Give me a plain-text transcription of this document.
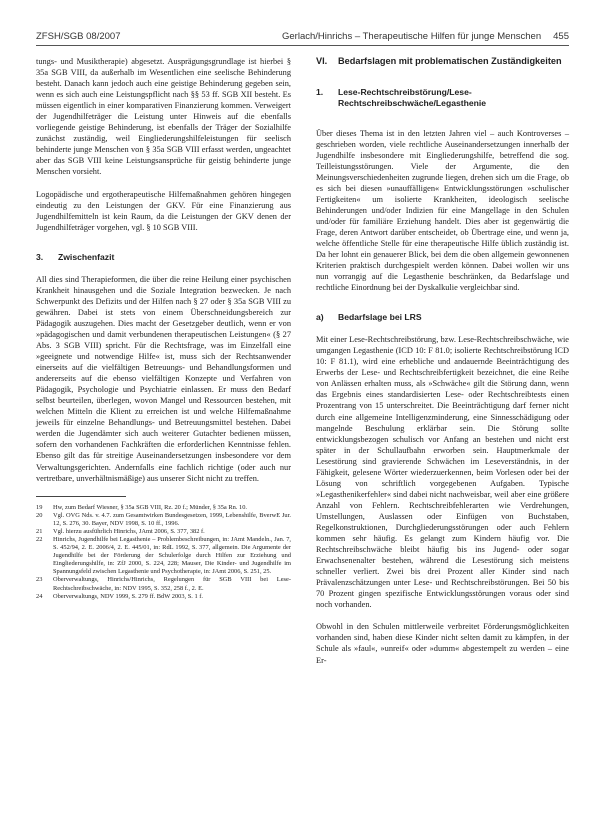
ZFSH/SGB 08/2007	Gerlach/Hinrichs – Therapeutische Hilfen für junge Menschen 455

tungs- und Musiktherapie) abgesetzt. Ausprägungsgrundlage ist hierbei § 35a SGB VIII, da außerhalb im Wesentlichen eine seelische Behinderung besteht. Danach kann jedoch auch eine geistige Behinderung gegeben sein, wenn es sich auch eine Leistungspflicht nach §§ 53 ff. SGB XII besteht. Es müssen eigentlich in einer komparativen Finanzierung kommen. Verweigert der Jugendhilfeträger die Leistung unter Hinweis auf die ebenfalls vorliegende geistige Behinderung, ist ebenfalls der Träger der Sozialhilfe zunächst zuständig, weil Eingliederungshilfeleistungen für seelisch behinderte junge Menschen von § 35a SGB VIII erfasst werden, ungeachtet aber das SGB VIII keine Leistungsansprüche für geistig behinderte junge Menschen vorsieht.

Logopädische und ergotherapeutische Hilfemaßnahmen gehören hingegen eindeutig zu den Leistungen der GKV. Für eine Finanzierung aus Jugendhilfemitteln ist kein Raum, da die Leistungen der GKV denen der Jugendhilfeträger vorgehen, vgl. § 10 SGB VIII.

3.	Zwischenfazit

All dies sind Therapieformen, die über die reine Heilung einer psychischen Krankheit hinausgehen und die Soziale Integration bezwecken. Je nach Schwerpunkt des Defizits und der Hilfen nach § 27 oder § 35a SGB VIII zu gewähren. Dabei ist stets von einem Überschneidungsbereich zur Pädagogik auszugehen. Dies macht der Gesetzgeber deutlich, wenn er von »pädagogischen und damit verbundenen therapeutischen Leistungen« (§ 27 Abs. 3 SGB VIII) spricht. Für die Rechtsfrage, was im Einzelfall eine »geeignete und notwendige Hilfe« ist, muss sich der Rechtsanwender einerseits auf die vielfältigen Betreuungs- und Behandlungsformen und andererseits auf die ebenso vielfältigen Konzepte und Verfahren von Pädagogik, Psychologie und Psychiatrie einlassen. Er muss den Bedarf selbst beurteilen, überlegen, wovon Mangel und Ressourcen bestehen, mit welchen Mitteln die Klient zu erreichen ist und welche Hilfemaßnahme jeweils für einzelne Behandlungs- und Betreuungsmittel bestehen. Dabei werden die Jugendämter sich auch weiterer Gutachter bedienen müssen, sofern den vorhandenen Fachkräften die erforderlichen Kenntnisse fehlen. Ebenso gilt das für streitige Auseinandersetzungen insbesondere vor dem Verwaltungsgerichten. Andernfalls eine fachlich richtige (oder auch nur vertretbare, unverhältnismäßige) aus unserer Sicht nicht zu treffen.

19	Hw, zum Bedarf Wiesner, § 35a SGB VIII, Rz. 20 f.; Münder, § 35a Rn. 10.
20	Vgl. OVG Nds. v. 4.7. zum Gesamtwirken Bundesgesetzen, 1999, Lebenshilfe, BverwE Jur. 12, S. 276, 30. Bayer, NDV 1998, S. 10 ff., 1996.
21	Vgl. hierzu ausführlich Hinrichs, JAmt 2006, S. 377, 382 f.
22	Hinrichs, Jugendhilfe bei Legasthenie – Problembeschreibungen, in: JAmt Mandeln., Jan. 7, S. 452/94, 2. E. 2006/4, 2. E. 445/01, in: RdL 1992, S. 377, allgemein. Die Argumente der Jugendhilfe bei der Förderung der Schulerfolge durch Hilfen zur Erziehung und Eingliederungshilfe, in: ZfJ 2000, S. 224, 228; Mauser, Die Kinder- und Jugendhilfe im Spannungsfeld zwischen Legasthenie und Psychotherapie, in: JAmt 2006, S. 251, 25.
23	Oberverwaltungs, Hinrichs/Hinrichs, Regelungen für SGB VIII bei Lese-Rechtschreibschwäche, in: NDV 1995, S. 352, 258 f., 2. E.
24	Oberverwaltungs, NDV 1999, S. 279 ff. BdW 2003, S. 1 f.
VI.	Bedarfslagen mit problematischen Zuständigkeiten
1.	Lese-Rechtschreibstörung/Lese-Rechtschreibschwäche/Legasthenie

Über dieses Thema ist in den letzten Jahren viel – auch Kontroverses – geschrieben worden, viele rechtliche Auseinandersetzungen innerhalb der Jugendhilfe insbesondere mit Eingliederungshilfe, betreffend die sog. Teilleistungsstörungen. Viele der Argumente, die den Meinungsverschiedenheiten zugrunde liegen, drehen sich um die Frage, ob es sich bei diesen »unauffälligen« Entwicklungsstörungen »schulischer Fertigkeiten« um isolierte Krankheiten, ideologisch seelische Behinderungen und/oder Indizien für eine Mangellage in den Schulen und/oder für familiäre Erziehung handelt. Dies aber ist gegenwärtig die Frage, deren Antwort darüber entscheidet, ob Übertrage eine, und wenn ja, welche öffentliche Stelle für eine therapeutische Hilfe üblich zuständig ist. Da her lohnt ein genauerer Blick, bei dem die oben allgemein gewonnenen Kriterien praktisch durchgespielt werden können. Dabei wollen wir uns nun vorrangig auf die Legasthenie beschränken, da Bedarfslage und rechtliche Einordnung bei der Dyskalkulie vergleichbar sind.

a)	Bedarfslage bei LRS

Mit einer Lese-Rechtschreibstörung, bzw. Lese-Rechtschreibschwäche, wie umgangen Legasthenie (ICD 10: F 81.0; isolierte Rechtschreibstörung ICD 10: F 81.1), wird eine erhebliche und andauernde Beeinträchtigung des Erwerbs der Lese- und Rechtschreibfertigkeit bezeichnet, die eine Reihe von Anlässen erhalten muss, als »Schwäche« gilt die Störung dann, wenn das Ergebnis eines standardisierten Lese- oder Rechtschreibtests einen Prozentrang von 15 unterschreitet. Die Beeinträchtigung darf ferner nicht durch eine allgemeine Intelligenzminderung, eine Sinnesschädigung oder mangelnde Beschulung erklärbar sein. Die Störung sollte entwicklungsbezogen schulisch vor Anfang an bestehen und nicht erst später in der Schullaufbahn erworben sein. Hauptmerkmale der Lesestörung sind gravierende Schwächen im Leseverständnis, in der Fähigkeit, gelesene Wörter wiederzuerkennen, beim Vorlesen oder bei der Lösung von schriftlich vorgegebenen Aufgaben. Typische »Legasthenikerfehler« sind dabei nicht nachweisbar, weil aber eine größere Anzahl von Fehlern. Rechtschreibfehlerarten wie Verdrehungen, Umstellungen, Auslassen oder Einfügen von Buchstaben, Regelkonstruktionen, Durchgliederungsstörungen oder auch Fehlern kommen sehr häufig. Es gelangt zum Kindern häufig vor. Die Rechtschreibschwäche bleibt häufig bis ins Jugend- oder sogar Erwachsenenalter bestehen, während die Lesestörung sich meistens schneller verliert. Zwei bis drei Prozent aller Kinder sind nach Prävalenzschätzungen unter Lese- und Rechtschreibstörungen. Bei 50 bis 70 Prozent gingen spezifische Entwicklungsstörungen voraus oder sind noch vorhanden.

Obwohl in den Schulen mittlerweile verbreitet Förderungsmöglichkeiten vorhanden sind, haben diese Kinder nicht selten damit zu kämpfen, in der Schule als »faul«, »unreif« oder »dumm« abgestempelt zu werden – eine Er-
